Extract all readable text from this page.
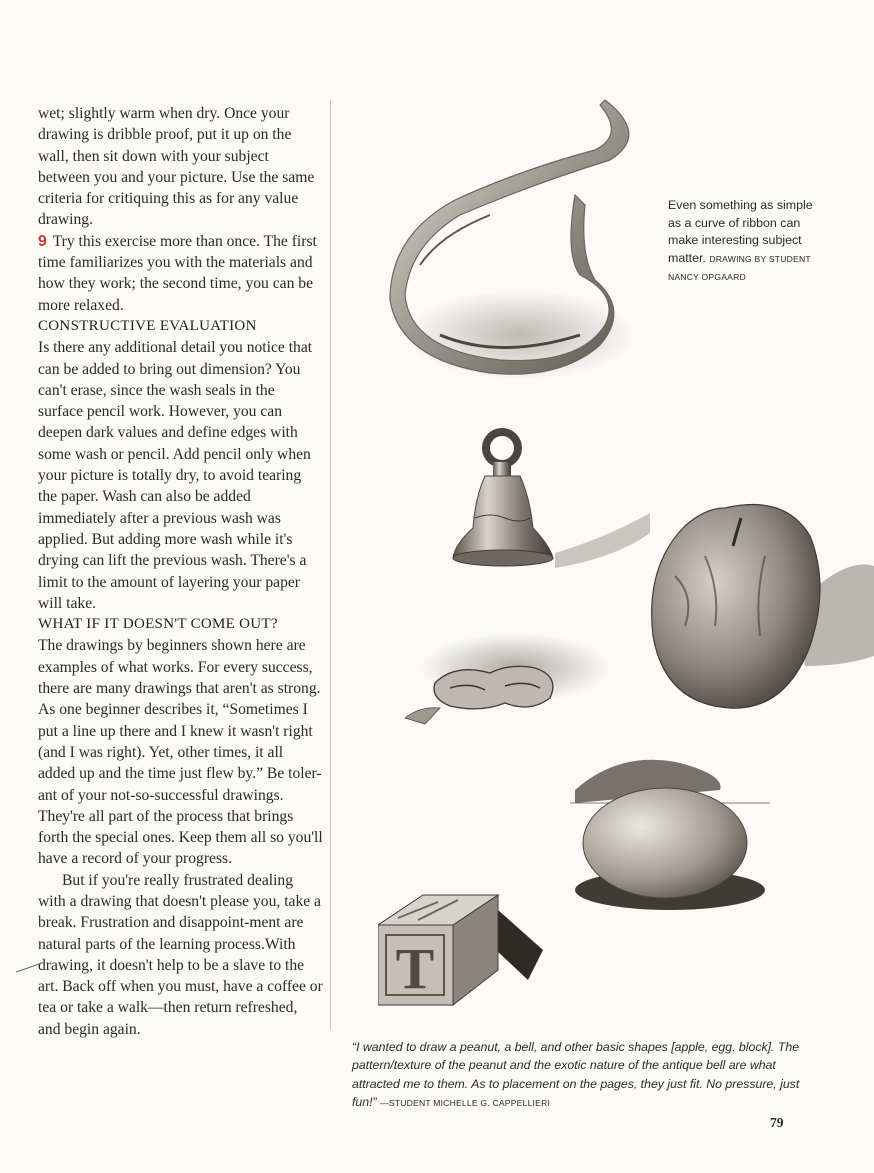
wet; slightly warm when dry. Once your drawing is dribble proof, put it up on the wall, then sit down with your subject between you and your picture. Use the same criteria for critiquing this as for any value drawing.

9 Try this exercise more than once. The first time familiarizes you with the materials and how they work; the second time, you can be more relaxed.

CONSTRUCTIVE EVALUATION

Is there any additional detail you notice that can be added to bring out dimension? You can't erase, since the wash seals in the surface pencil work. However, you can deepen dark values and define edges with some wash or pencil. Add pencil only when your picture is totally dry, to avoid tearing the paper. Wash can also be added immediately after a previous wash was applied. But adding more wash while it's drying can lift the previous wash. There's a limit to the amount of layering your paper will take.

WHAT IF IT DOESN'T COME OUT?

The drawings by beginners shown here are examples of what works. For every success, there are many drawings that aren't as strong. As one beginner describes it, “Sometimes I put a line up there and I knew it wasn't right (and I was right). Yet, other times, it all added up and the time just flew by.” Be toler-ant of your not-so-successful drawings. They're all part of the process that brings forth the special ones. Keep them all so you'll have a record of your progress.

But if you're really frustrated dealing with a drawing that doesn't please you, take a break. Frustration and disappoint-ment are natural parts of the learning process.With drawing, it doesn't help to be a slave to the art. Back off when you must, have a coffee or tea or take a walk—then return refreshed, and begin again.

Even something as simple as a curve of ribbon can make interesting subject matter. DRAWING BY STUDENT NANCY OPGAARD
T
“I wanted to draw a peanut, a bell, and other basic shapes [apple, egg, block]. The pattern/texture of the peanut and the exotic nature of the antique bell are what attracted me to them. As to placement on the pages, they just fit. No pressure, just fun!” —STUDENT MICHELLE G. CAPPELLIERI
79
